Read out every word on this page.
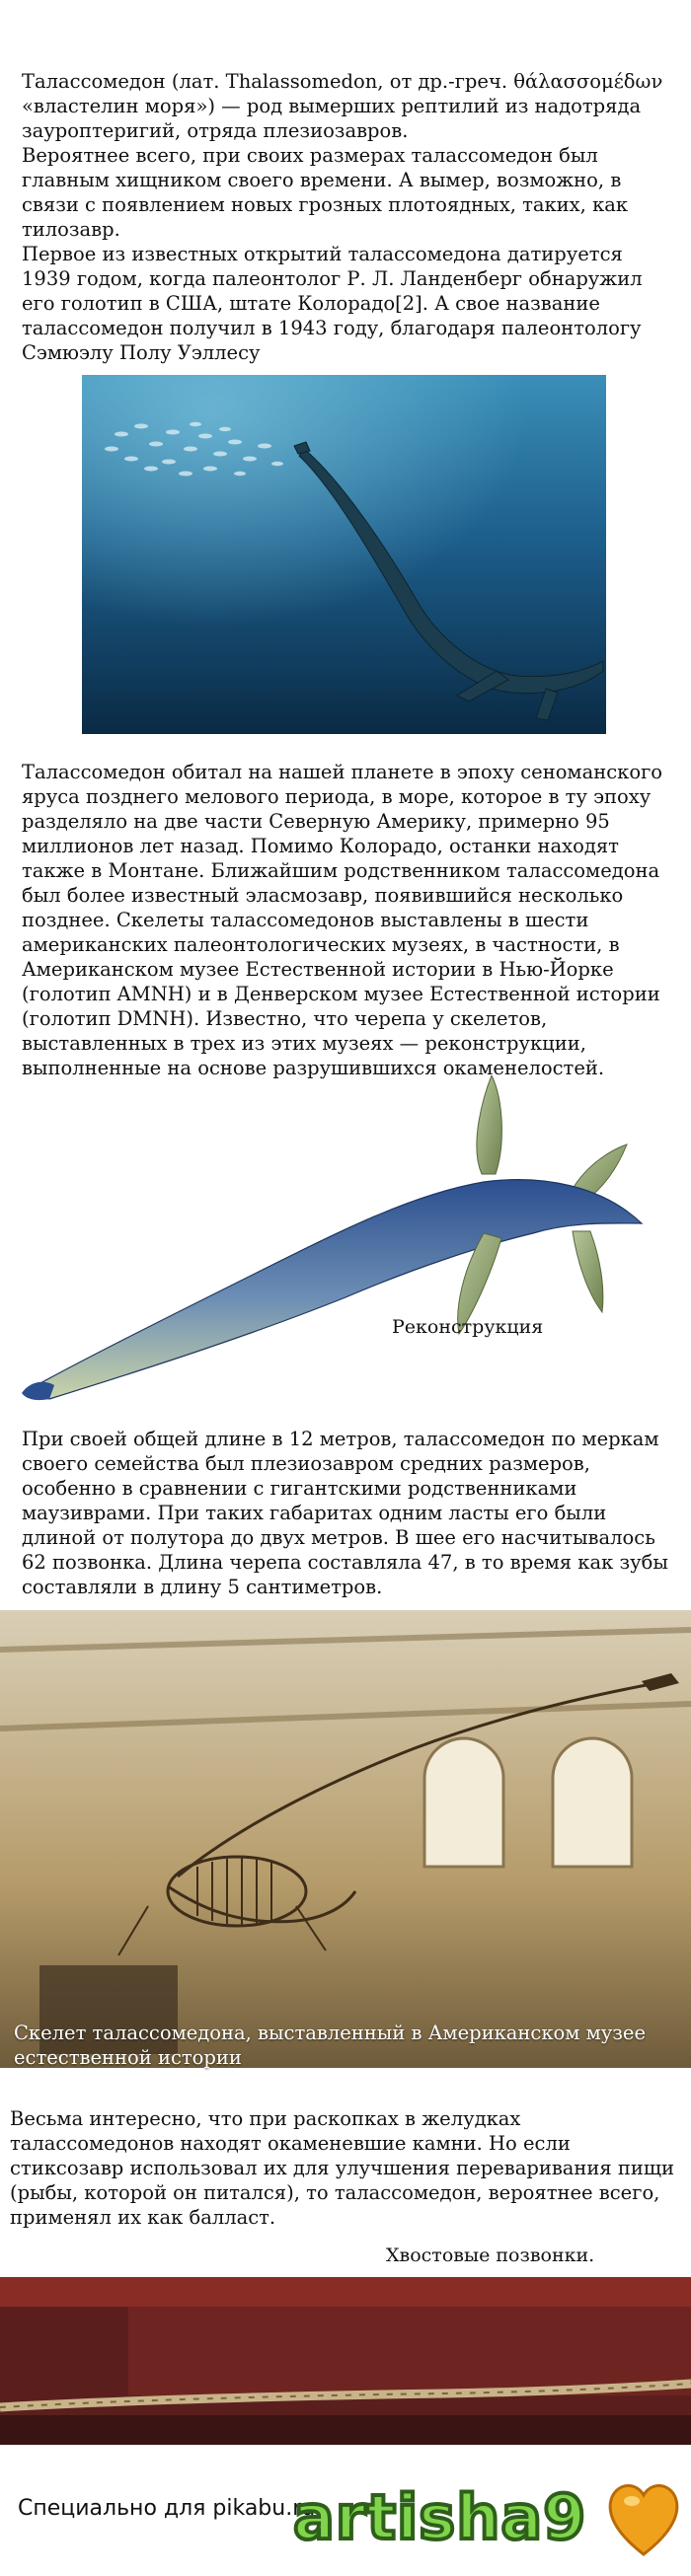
Талассомедон (лат. Thalassomedon, от др.-греч. θάλασσομέδων «властелин моря») — род вымерших рептилий из надотряда зауроптеригий, отряда плезиозавров.
Вероятнее всего, при своих размерах талассомедон был главным хищником своего времени. А вымер, возможно, в связи с появлением новых грозных плотоядных, таких, как тилозавр.
Первое из известных открытий талассомедона датируется 1939 годом, когда палеонтолог Р. Л. Ланденберг обнаружил его голотип в США, штате Колорадо[2]. А свое название талассомедон получил в 1943 году, благодаря палеонтологу Сэмюэлу Полу Уэллесу

Талассомедон обитал на нашей планете в эпоху сеноманского яруса позднего мелового периода, в море, которое в ту эпоху разделяло на две части Северную Америку, примерно 95 миллионов лет назад. Помимо Колорадо, останки находят также в Монтане. Ближайшим родственником талассомедона был более известный эласмозавр, появившийся несколько позднее. Скелеты талассомедонов выставлены в шести американских палеонтологических музеях, в частности, в Американском музее Естественной истории в Нью-Йорке (голотип AMNH) и в Денверском музее Естественной истории (голотип DMNH). Известно, что черепа у скелетов, выставленных в трех из этих музеях — реконструкции, выполненные на основе разрушившихся окаменелостей.

Реконструкция

При своей общей длине в 12 метров, талассомедон по меркам своего семейства был плезиозавром средних размеров, особенно в сравнении с гигантскими родственниками маузиврами. При таких габаритах одним ласты его были длиной от полутора до двух метров. В шее его насчитывалось 62 позвонка. Длина черепа составляла 47, в то время как зубы составляли в длину 5 сантиметров.

Скелет талассомедона, выставленный в Американском музее естественной истории

Весьма интересно, что при раскопках в желудках талассомедонов находят окаменевшие камни. Но если стиксозавр использовал их для улучшения переваривания пищи (рыбы, которой он питался), то талассомедон, вероятнее всего, применял их как балласт.

Хвостовые позвонки.
Специально для pikabu.ru
artisha9
